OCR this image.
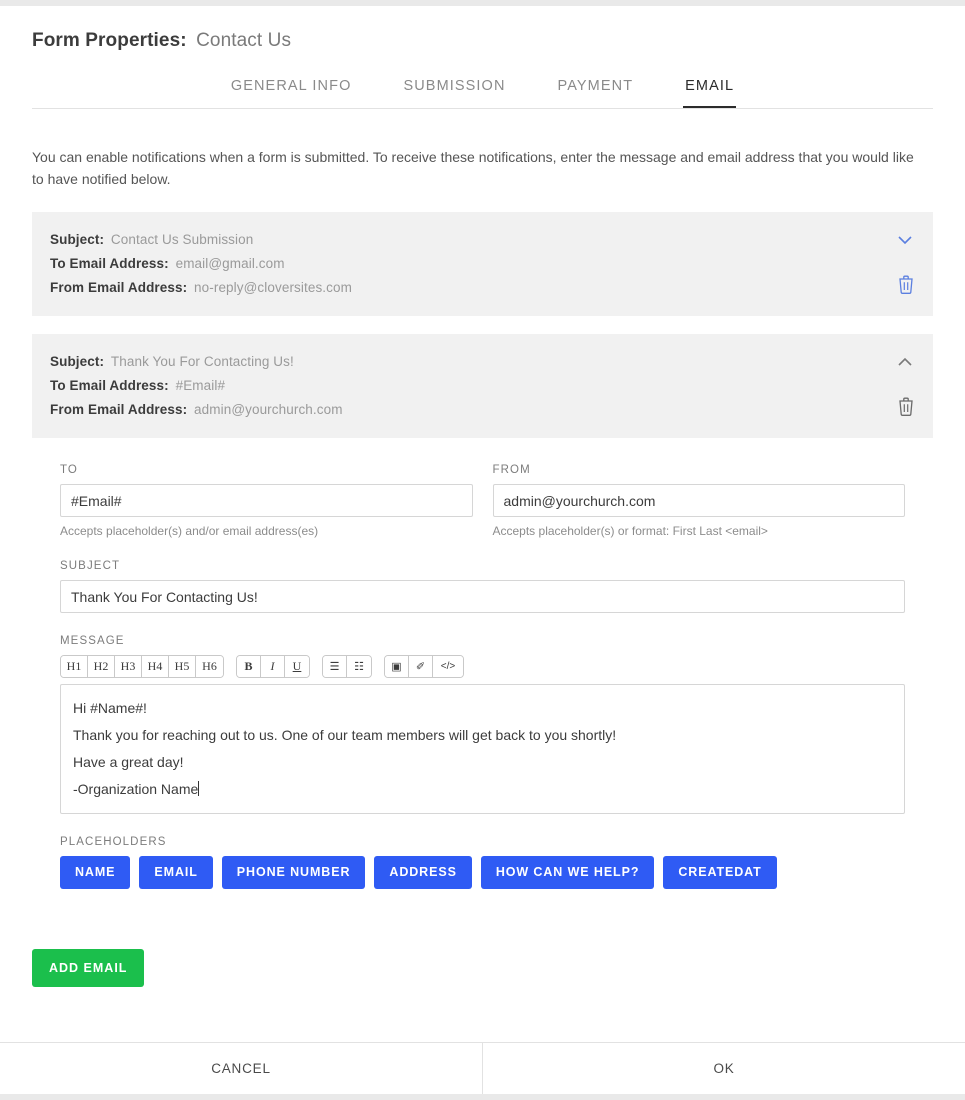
Form Properties: Contact Us
GENERAL INFO	SUBMISSION	PAYMENT	EMAIL
You can enable notifications when a form is submitted. To receive these notifications, enter the message and email address that you would like to have notified below.
Subject: Contact Us Submission
To Email Address: email@gmail.com
From Email Address: no-reply@cloversites.com
Subject: Thank You For Contacting Us!
To Email Address: #Email#
From Email Address: admin@yourchurch.com
TO
#Email#
Accepts placeholder(s) and/or email address(es)
FROM
admin@yourchurch.com
Accepts placeholder(s) or format: First Last <email>
SUBJECT
Thank You For Contacting Us!
MESSAGE
H1	H2	H3	H4	H5	H6	B	I	U	☰	☷	▣	✐	</>
Hi #Name#!
Thank you for reaching out to us. One of our team members will get back to you shortly!
Have a great day!
-Organization Name
PLACEHOLDERS
NAME	EMAIL	PHONE NUMBER	ADDRESS	HOW CAN WE HELP?	CREATEDAT
ADD EMAIL
CANCEL	OK
